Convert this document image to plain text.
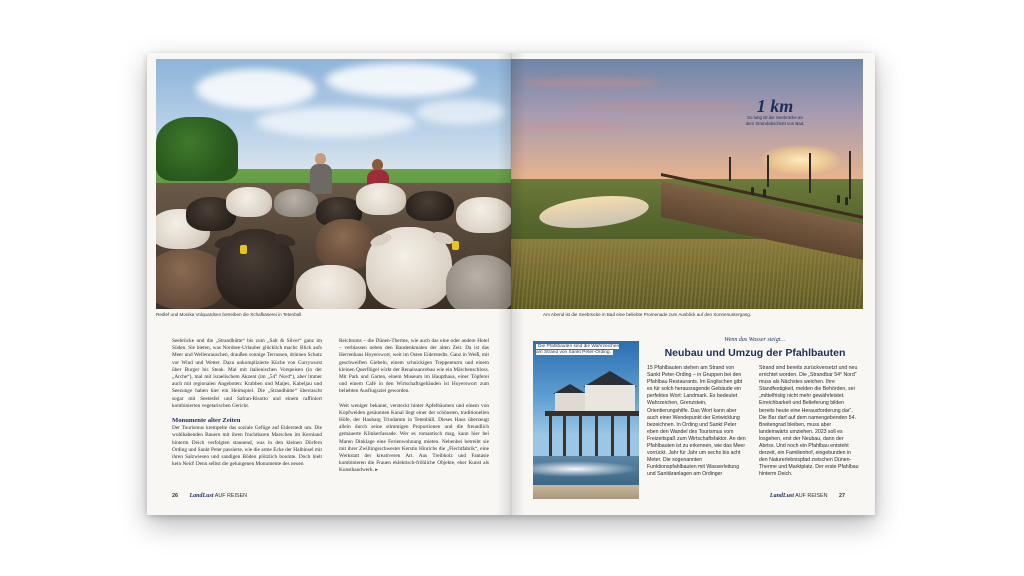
Redlef und Monika Volquardsen betreiben die Schafkäserei in Tetenbüll.

Seebrücke und die „Strandhütte“ bis zum „Salt & Silver“ ganz im Süden. Sie bieten, was Nordsee-Urlauber glücklich macht: Blick aufs Meer und Wellenrauschen, draußen sonnige Terrassen, drinnen Schutz vor Wind und Wetter. Dazu unkomplizierte Küche von Currywurst über Burger bis Steak. Mal mit italienischen Vorspeisen (in der „Arche“), mal mit israelischem Akzent (im „54° Nord“), aber immer auch mit regionalen Angeboten: Krabben und Matjes, Kabeljau und Seezunge haben hier ein Heimspiel. Die „Strandhütte“ überrascht sogar mit Seetesfel und Safran-Risotto und einem raffiniert kombinierten vegetarischen Gericht.

Monumente alter Zeiten

Der Tourismus krempelte das soziale Gefüge auf Eiderstedt um. Die wohlhabenden Bauern mit ihren fruchtbaren Marschen im Kernland hinterm Deich verfolgten staunend, was in den kleinen Dörfern Ording und Sankt Peter passierte, wie die arme Ecke der Halbinsel mit ihren Salzwiesen und sandigen Böden plötzlich boomte. Doch hielt kein Neid! Denn selbst die gelungenen Monumente des neuen

Reichtums – die Dünen-Therme, wie auch das eine oder andere Hotel – verblassen neben den Baudenkmalen der alten Zeit. Da ist das Herrenhaus Hoyerswort, weit im Osten Eiderstedts. Ganz in Weiß, mit geschweiften Giebeln, einem schnickigen Treppenturm und einem kleinen Querflügel wirkt der Renaissancebau wie ein Märchenschloss. Mit Park und Garten, einem Museum im Haupthaus, einer Töpferei und einem Café in den Wirtschaftsgebäuden ist Hoyerswort zum beliebten Ausflugsziel geworden.

Weit weniger bekannt, versteckt hinter Apfelbäumen und einem von Kopfweiden gesäumten Kanal liegt einer der schönsten, traditionellen Höfe, der Haubarg Trindamm in Tetenbüll. Dieses Haus überzeugt allein durch seine stimmigen Proportionen und die freundlich gemauerte Klinkerfassade. Wer es romantisch mag, kann hier bei Maren Dinklage eine Ferienwohnung mieten. Nebenbei betreibt sie mit ihrer Zwillingsschwester Kerstin Hinrichs die „Flechtfabrik“, eine Werkstatt der kreativeren Art. Aus Treibholz und Fantasie kombinieren die Frauen eklektisch-fröhliche Objekte, eher Kunst als Kunsthandwerk. ▸

26 LandLust AUF REISEN
1 km
So lang ist die Seebrücke an dem Strandabschnitt von Bad.
Am Abend ist die Seebrücke in Bad eine beliebte Promenade zum Ausblick auf den Sonnenuntergang.
Die Pfahlbauten sind die Wahrzeichen am Strand von Sankt Peter-Ording.
Wenn das Wasser steigt…
Neubau und Umzug der Pfahlbauten
15 Pfahlbauten stehen am Strand von Sankt Peter-Ording – in Gruppen bei den Pfahlbau Restaurants. Im Englischen gibt es für solch herausragende Gebäude ein perfektes Wort: Landmark. Es bedeutet Wahrzeichen, Grenzstein, Orientierungshilfe. Das Wort kann aber auch einer Wendepunkt der Entwicklung bezeichnen. In Ording und Sankt Peter eben den Wandel des Tourismus vom Freizeitspaß zum Wirtschaftsfaktor. An den Pfahlbauten ist zu erkennen, wie das Meer vorrückt. Jahr für Jahr um sechs bis acht Meter. Die sogenannten Funktionspfahlbauten mit Wasserleitung und Sanitäranlagen am Ordinger
Strand sind bereits zurückversetzt und neu errichtet worden. Die „Strandbar 54° Nord“ muss als Nächstes weichen. Ihre Standfestigkeit, melden die Behörden, sei „mittelfristig nicht mehr gewährleistet. Erreichbarkeit und Belieferung bilden bereits heute eine Herausforderung dar“. Die Bar darf auf dem namengebenden 54. Breitengrad bleiben, muss aber landeinwärts umziehen. 2023 soll es losgehen, erst der Neubau, dann der Abriss. Und noch ein Pfahlbau entsteht derzeit, ein Familienhof, eingebunden in den Naturerlebnispfad zwischen Dünen-Therme und Marktplatz. Der erste Pfahlbau hinterm Deich.
LandLust AUF REISEN 27
